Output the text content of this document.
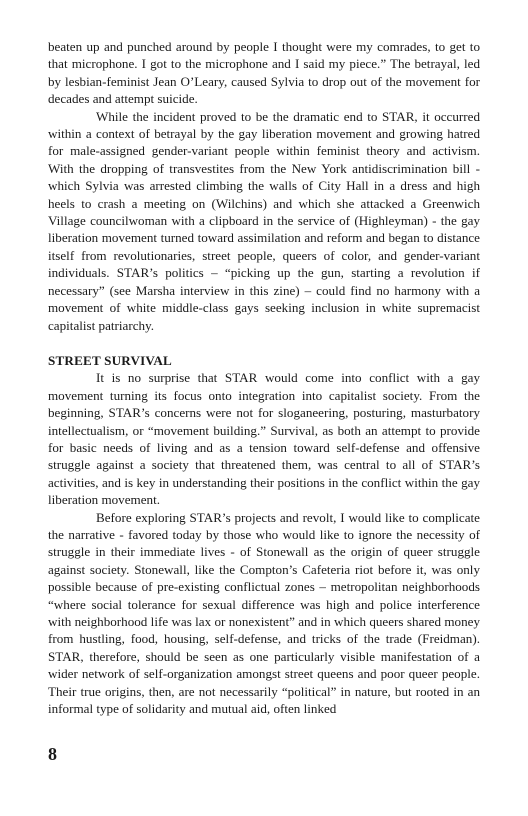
beaten up and punched around by people I thought were my comrades, to get to that microphone. I got to the microphone and I said my piece.” The betrayal, led by lesbian-feminist Jean O’Leary, caused Sylvia to drop out of the movement for decades and attempt suicide.

While the incident proved to be the dramatic end to STAR, it occurred within a context of betrayal by the gay liberation movement and growing hatred for male-assigned gender-variant people within feminist theory and activism. With the dropping of transvestites from the New York antidiscrimination bill - which Sylvia was arrested climbing the walls of City Hall in a dress and high heels to crash a meeting on (Wilchins) and which she attacked a Greenwich Village councilwoman with a clipboard in the service of (Highleyman) - the gay liberation movement turned toward assimilation and reform and began to distance itself from revolutionaries, street people, queers of color, and gender-variant individuals. STAR’s politics – “picking up the gun, starting a revolution if necessary” (see Marsha interview in this zine) – could find no harmony with a movement of white middle-class gays seeking inclusion in white supremacist capitalist patriarchy.

STREET SURVIVAL

It is no surprise that STAR would come into conflict with a gay movement turning its focus onto integration into capitalist society. From the beginning, STAR’s concerns were not for sloganeering, posturing, masturbatory intellectualism, or “movement building.” Survival, as both an attempt to provide for basic needs of living and as a tension toward self-defense and offensive struggle against a society that threatened them, was central to all of STAR’s activities, and is key in understanding their positions in the conflict within the gay liberation movement.

Before exploring STAR’s projects and revolt, I would like to complicate the narrative - favored today by those who would like to ignore the necessity of struggle in their immediate lives - of Stonewall as the origin of queer struggle against society. Stonewall, like the Compton’s Cafeteria riot before it, was only possible because of pre-existing conflictual zones – metropolitan neighborhoods “where social tolerance for sexual difference was high and police interference with neighborhood life was lax or nonexistent” and in which queers shared money from hustling, food, housing, self-defense, and tricks of the trade (Freidman). STAR, therefore, should be seen as one particularly visible manifestation of a wider network of self-organization amongst street queens and poor queer people. Their true origins, then, are not necessarily “political” in nature, but rooted in an informal type of solidarity and mutual aid, often linked

8
